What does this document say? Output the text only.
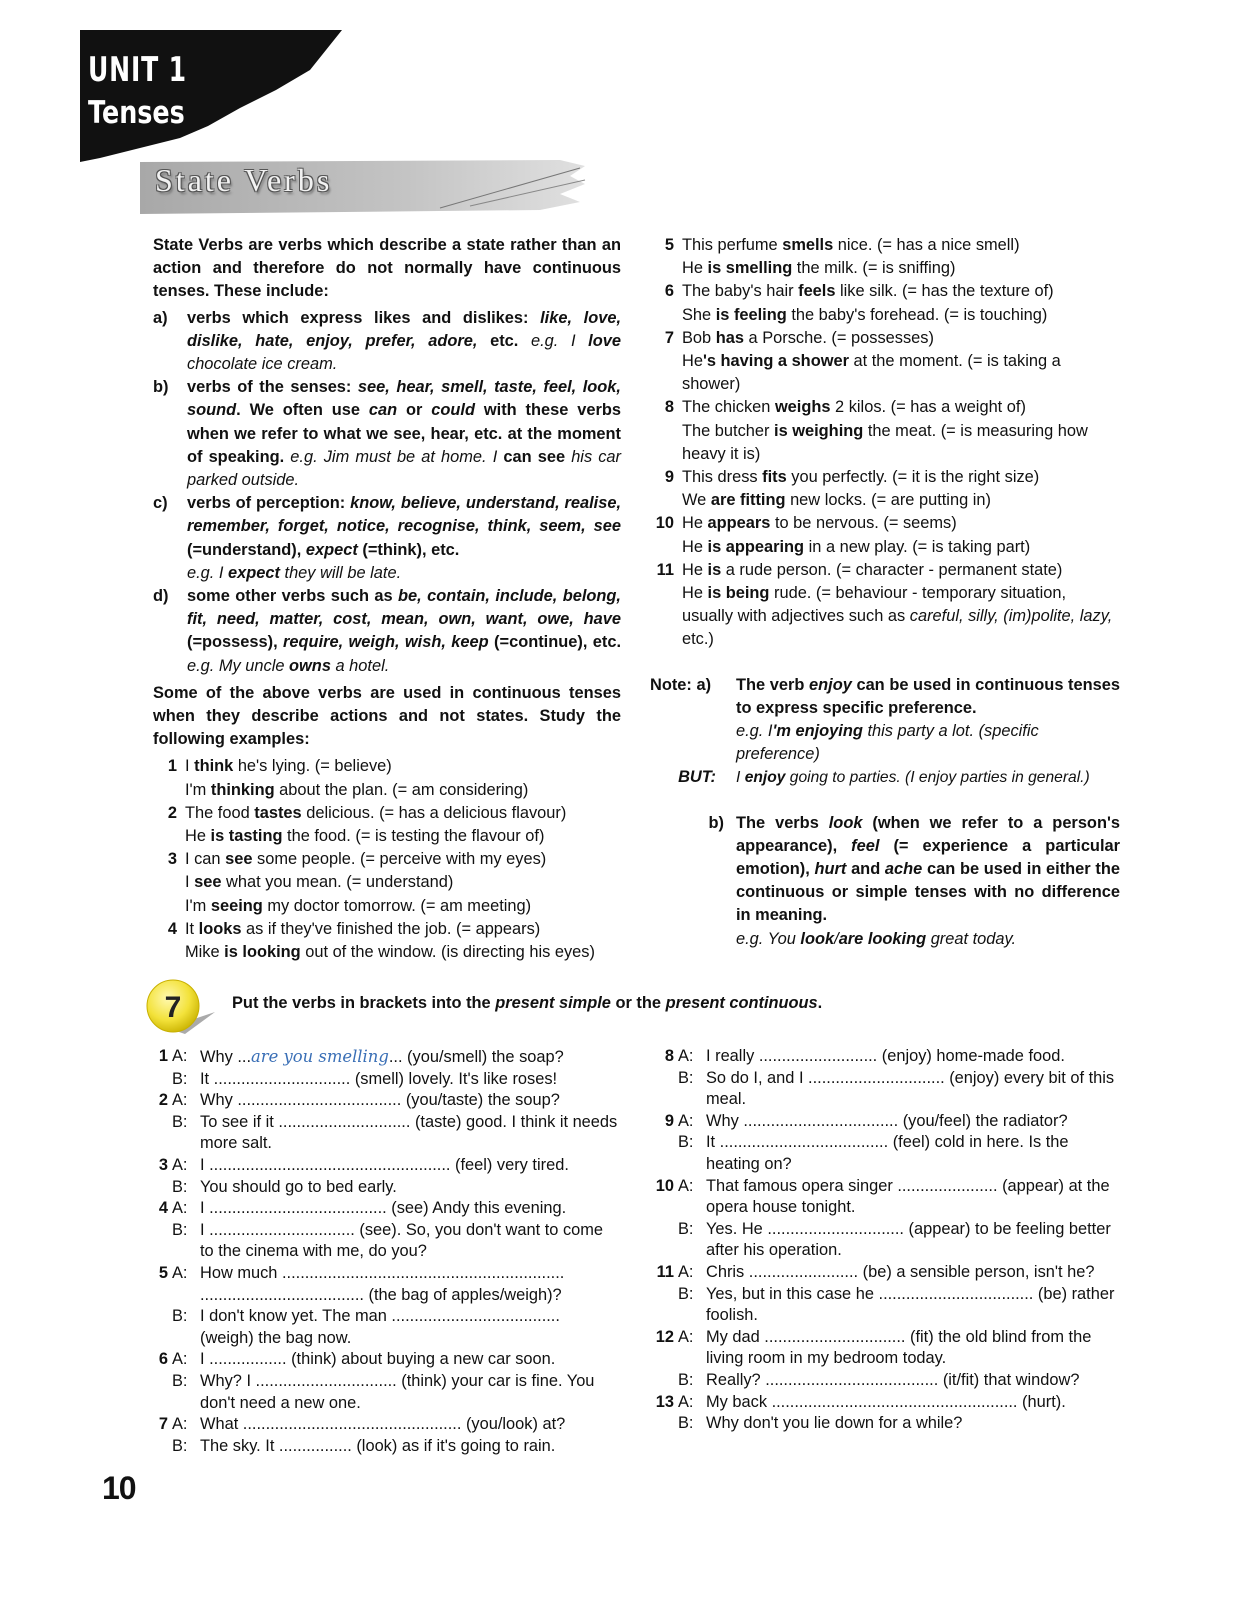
UNIT 1
Tenses
State Verbs

State Verbs are verbs which describe a state rather than an action and therefore do not normally have continuous tenses. These include:

a)	verbs which express likes and dislikes: like, love, dislike, hate, enjoy, prefer, adore, etc. e.g. I love chocolate ice cream.
b)	verbs of the senses: see, hear, smell, taste, feel, look, sound. We often use can or could with these verbs when we refer to what we see, hear, etc. at the moment of speaking. e.g. Jim must be at home. I can see his car parked outside.
c)	verbs of perception: know, believe, understand, realise, remember, forget, notice, recognise, think, seem, see (=understand), expect (=think), etc.
e.g. I expect they will be late.
d)	some other verbs such as be, contain, include, belong, fit, need, matter, cost, mean, own, want, owe, have (=possess), require, weigh, wish, keep (=continue), etc. e.g. My uncle owns a hotel.

Some of the above verbs are used in continuous tenses when they describe actions and not states. Study the following examples:

1 I think he's lying. (= believe)
I'm thinking about the plan. (= am considering)
2 The food tastes delicious. (= has a delicious flavour)
He is tasting the food. (= is testing the flavour of)
3 I can see some people. (= perceive with my eyes)
I see what you mean. (= understand)
I'm seeing my doctor tomorrow. (= am meeting)
4 It looks as if they've finished the job. (= appears)
Mike is looking out of the window. (is directing his eyes)
5 This perfume smells nice. (= has a nice smell)
He is smelling the milk. (= is sniffing)
6 The baby's hair feels like silk. (= has the texture of)
She is feeling the baby's forehead. (= is touching)
7 Bob has a Porsche. (= possesses)
He's having a shower at the moment. (= is taking a shower)
8 The chicken weighs 2 kilos. (= has a weight of)
The butcher is weighing the meat. (= is measuring how heavy it is)
9 This dress fits you perfectly. (= it is the right size)
We are fitting new locks. (= are putting in)
10 He appears to be nervous. (= seems)
He is appearing in a new play. (= is taking part)
11 He is a rude person. (= character - permanent state)
He is being rude. (= behaviour - temporary situation, usually with adjectives such as careful, silly, (im)polite, lazy, etc.)
Note: a)	The verb enjoy can be used in continuous tenses to express specific preference.
e.g. I'm enjoying this party a lot. (specific preference)
BUT:	I enjoy going to parties. (I enjoy parties in general.)
b) The verbs look (when we refer to a person's appearance), feel (= experience a particular emotion), hurt and ache can be used in either the continuous or simple tenses with no difference in meaning.
e.g. You look/are looking great today.
7	Put the verbs in brackets into the present simple or the present continuous.
1 A: Why ...are you smelling... (you/smell) the soap?
B: It .............................. (smell) lovely. It's like roses!
2 A: Why .................................... (you/taste) the soup?
B: To see if it ............................. (taste) good. I think it needs more salt.
3 A: I ..................................................... (feel) very tired.
B: You should go to bed early.
4 A: I ....................................... (see) Andy this evening.
B: I ................................ (see). So, you don't want to come to the cinema with me, do you?
5 A: How much .............................................................. .................................... (the bag of apples/weigh)?
B: I don't know yet. The man ..................................... (weigh) the bag now.
6 A: I ................. (think) about buying a new car soon.
B: Why? I ............................... (think) your car is fine. You don't need a new one.
7 A: What ................................................ (you/look) at?
B: The sky. It ................ (look) as if it's going to rain.
8 A: I really .......................... (enjoy) home-made food.
B: So do I, and I .............................. (enjoy) every bit of this meal.
9 A: Why .................................. (you/feel) the radiator?
B: It ..................................... (feel) cold in here. Is the heating on?
10 A: That famous opera singer ...................... (appear) at the opera house tonight.
B: Yes. He .............................. (appear) to be feeling better after his operation.
11 A: Chris ........................ (be) a sensible person, isn't he?
B: Yes, but in this case he .................................. (be) rather foolish.
12 A: My dad ............................... (fit) the old blind from the living room in my bedroom today.
B: Really? ...................................... (it/fit) that window?
13 A: My back ...................................................... (hurt).
B: Why don't you lie down for a while?
10
